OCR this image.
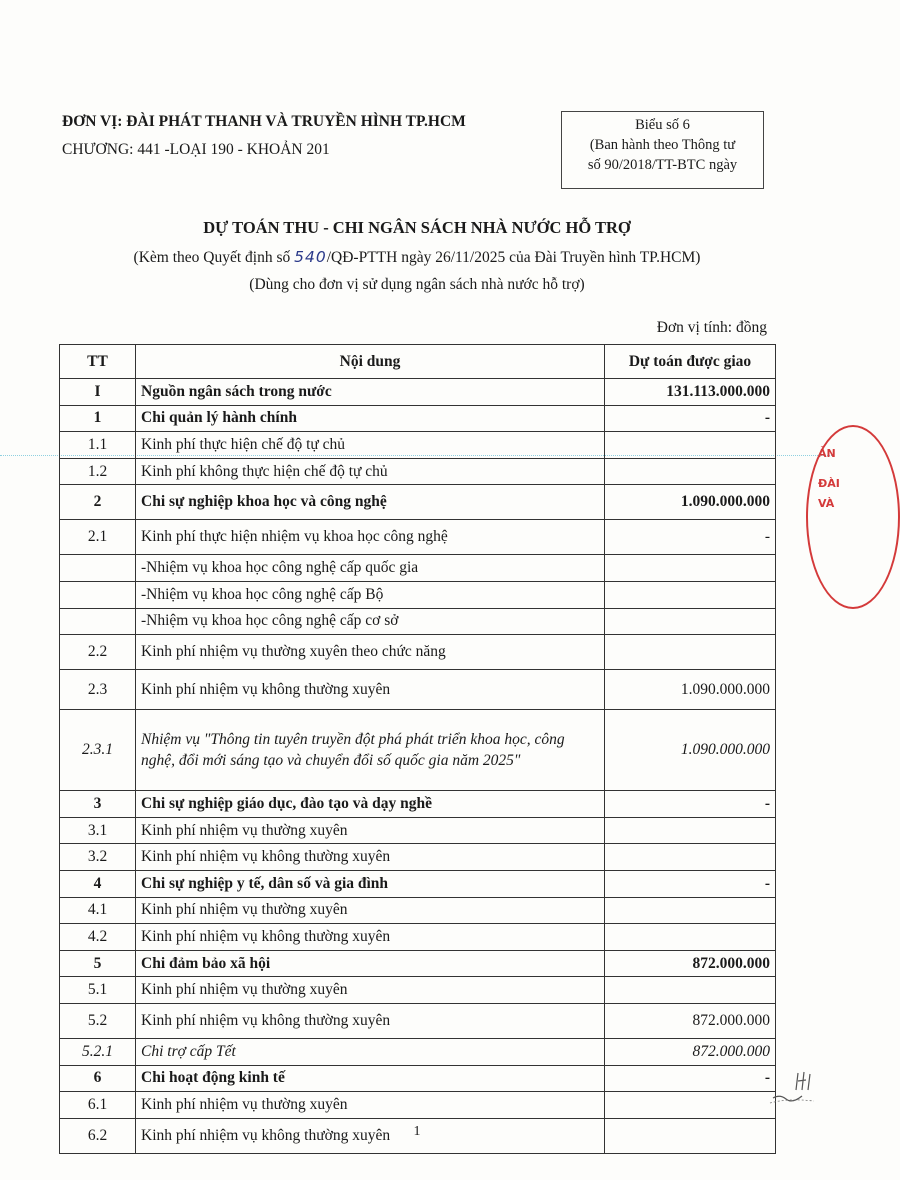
ĐƠN VỊ: ĐÀI PHÁT THANH VÀ TRUYỀN HÌNH TP.HCM
CHƯƠNG: 441 -LOẠI 190 - KHOẢN 201
Biểu số 6
(Ban hành theo Thông tư
số 90/2018/TT-BTC ngày
DỰ TOÁN THU - CHI NGÂN SÁCH NHÀ NƯỚC HỖ TRỢ
(Kèm theo Quyết định số 540/QĐ-PTTH ngày 26/11/2025 của Đài Truyền hình TP.HCM)
(Dùng cho đơn vị sử dụng ngân sách nhà nước hỗ trợ)
Đơn vị tính: đồng
TT	Nội dung	Dự toán được giao
I	Nguồn ngân sách trong nước	131.113.000.000
1	Chi quản lý hành chính	-
1.1	Kinh phí thực hiện chế độ tự chủ	
1.2	Kinh phí không thực hiện chế độ tự chủ	
2	Chi sự nghiệp khoa học và công nghệ	1.090.000.000
2.1	Kinh phí thực hiện nhiệm vụ khoa học công nghệ	-
	-Nhiệm vụ khoa học công nghệ cấp quốc gia	
	-Nhiệm vụ khoa học công nghệ cấp Bộ	
	-Nhiệm vụ khoa học công nghệ cấp cơ sở	
2.2	Kinh phí nhiệm vụ thường xuyên theo chức năng	
2.3	Kinh phí nhiệm vụ không thường xuyên	1.090.000.000
2.3.1	Nhiệm vụ "Thông tin tuyên truyền đột phá phát triển khoa học, công nghệ, đổi mới sáng tạo và chuyển đổi số quốc gia năm 2025"	1.090.000.000
3	Chi sự nghiệp giáo dục, đào tạo và dạy nghề	-
3.1	Kinh phí nhiệm vụ thường xuyên	
3.2	Kinh phí nhiệm vụ không thường xuyên	
4	Chi sự nghiệp y tế, dân số và gia đình	-
4.1	Kinh phí nhiệm vụ thường xuyên	
4.2	Kinh phí nhiệm vụ không thường xuyên	
5	Chi đảm bảo xã hội	872.000.000
5.1	Kinh phí nhiệm vụ thường xuyên	
5.2	Kinh phí nhiệm vụ không thường xuyên	872.000.000
5.2.1	Chi trợ cấp Tết	872.000.000
6	Chi hoạt động kinh tế	-
6.1	Kinh phí nhiệm vụ thường xuyên	
6.2	Kinh phí nhiệm vụ không thường xuyên	
ẢN
ĐÀI
VÀ
1
